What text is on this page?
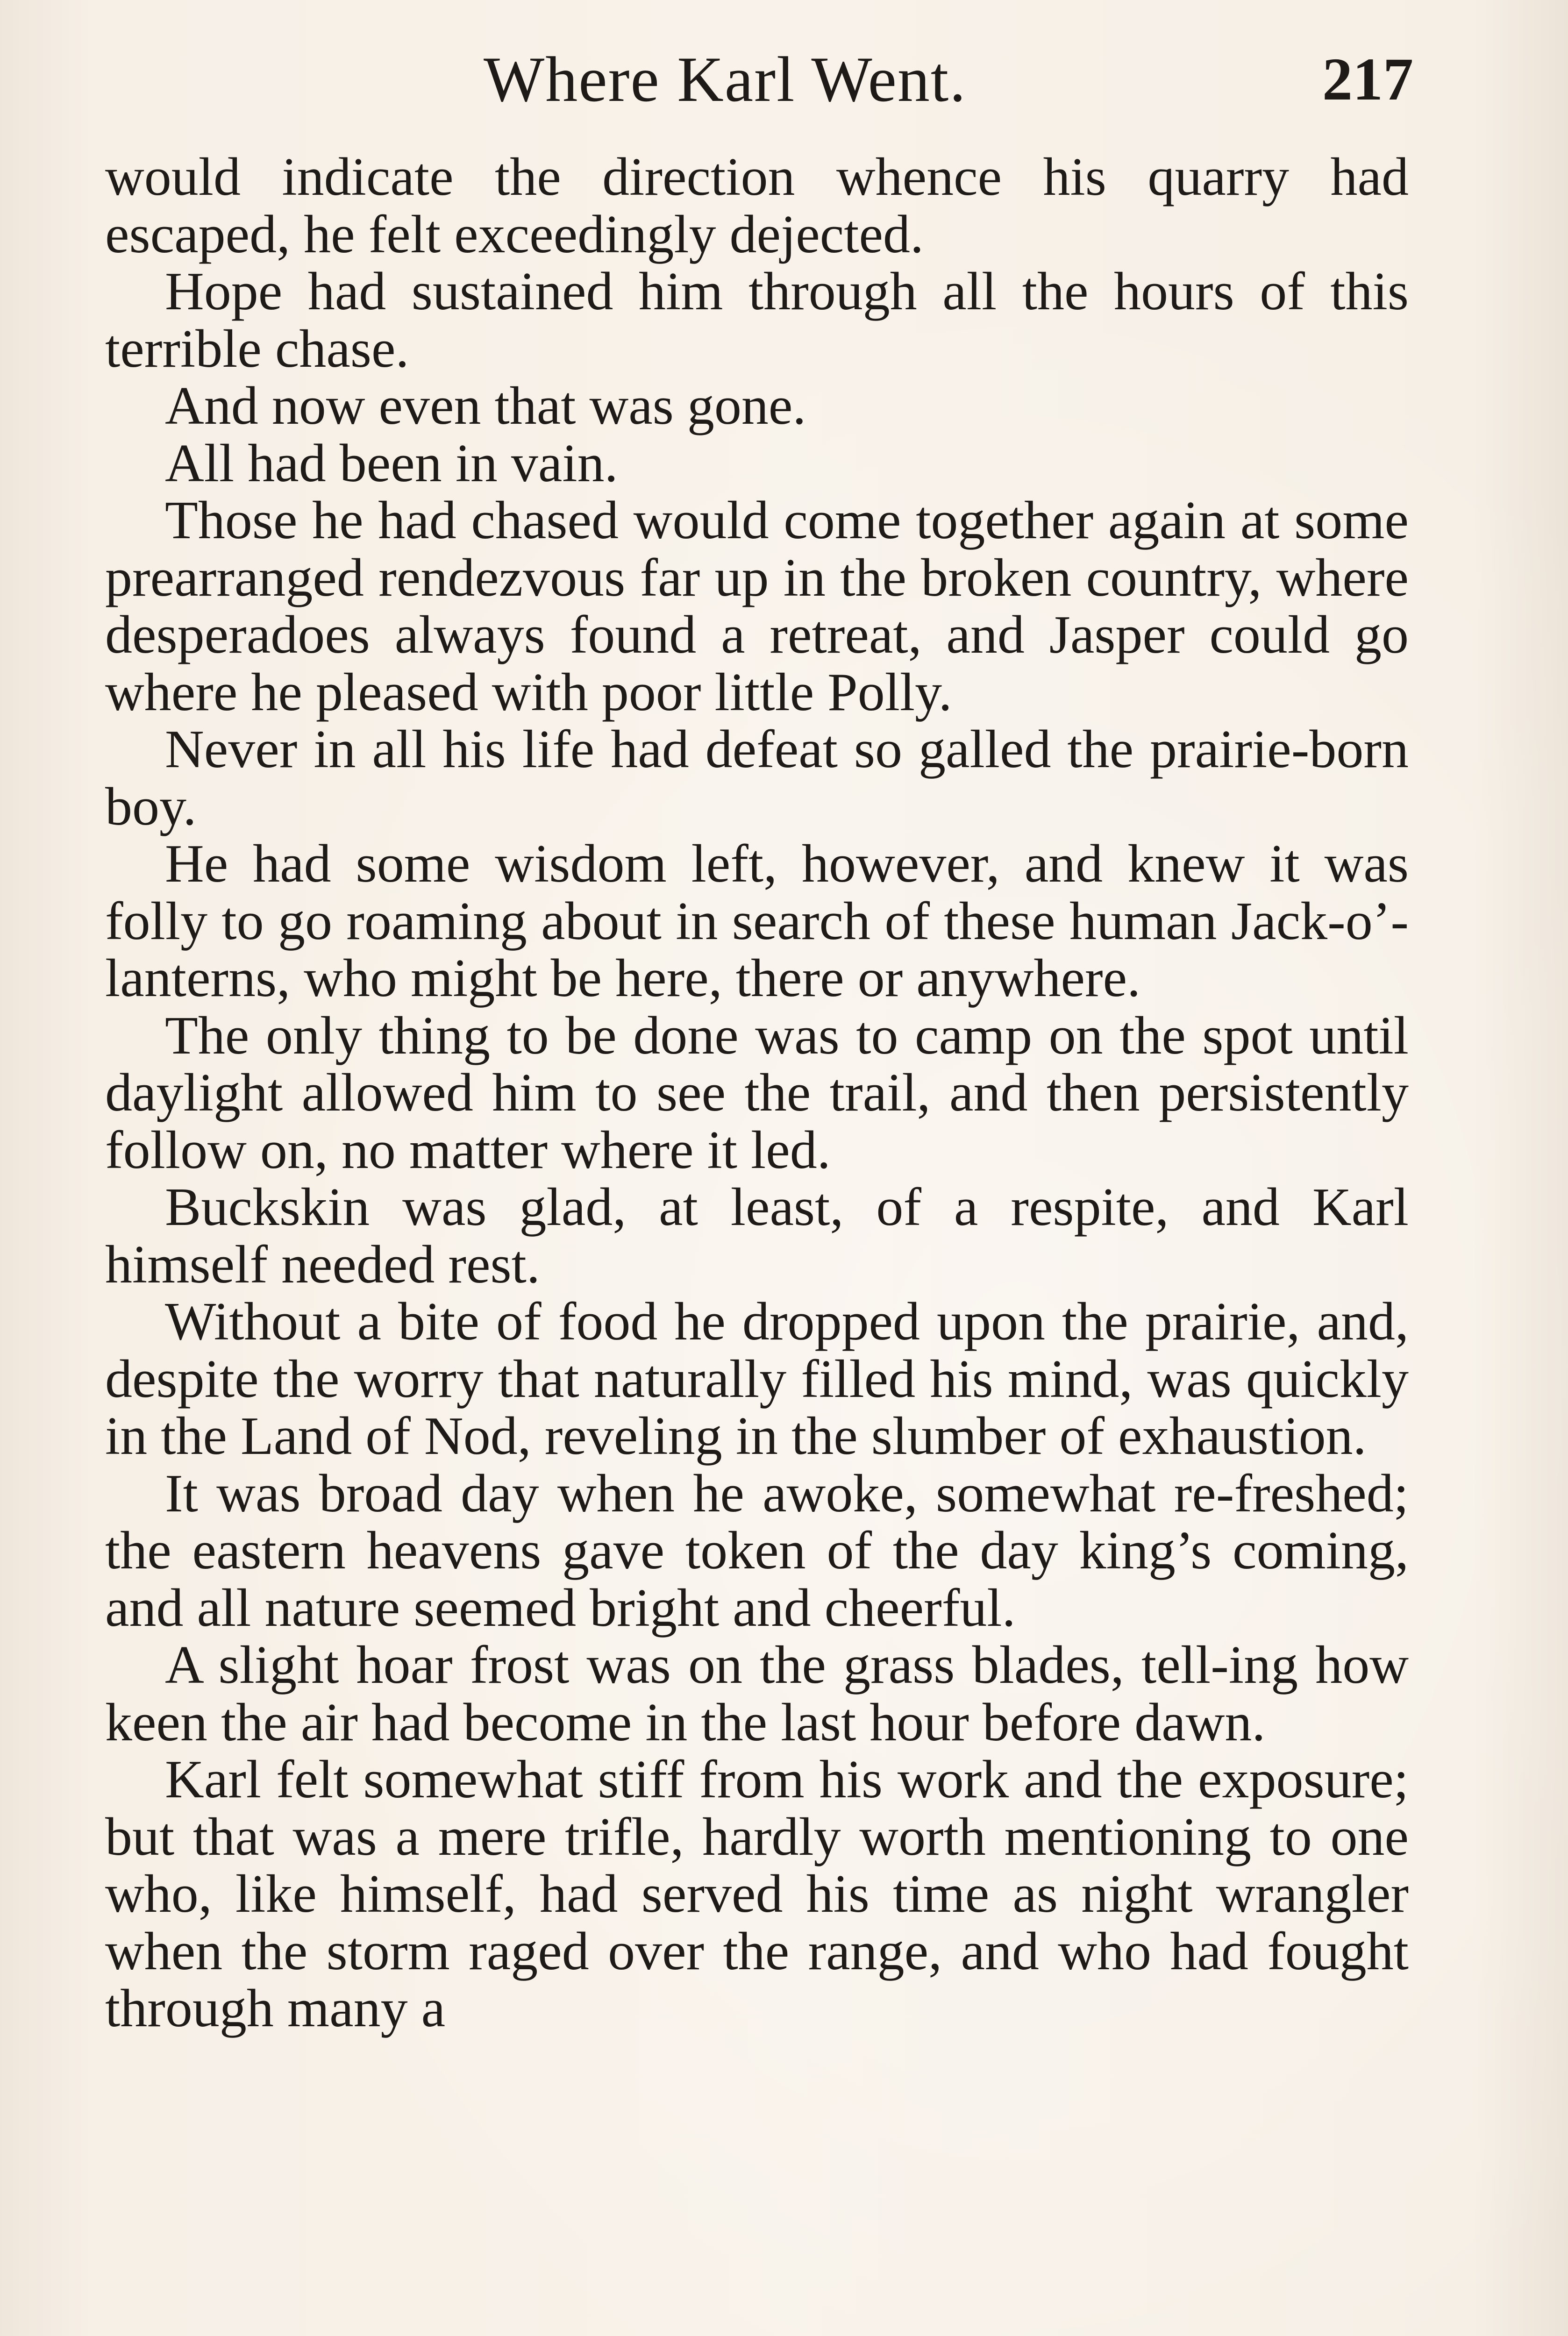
Where Karl Went.	217

would indicate the direction whence his quarry had escaped, he felt exceedingly dejected.

Hope had sustained him through all the hours of this terrible chase.

And now even that was gone.

All had been in vain.

Those he had chased would come together again at some prearranged rendezvous far up in the broken country, where desperadoes always found a retreat, and Jasper could go where he pleased with poor little Polly.

Never in all his life had defeat so galled the prairie-born boy.

He had some wisdom left, however, and knew it was folly to go roaming about in search of these human Jack-o’-lanterns, who might be here, there or anywhere.

The only thing to be done was to camp on the spot until daylight allowed him to see the trail, and then persistently follow on, no matter where it led.

Buckskin was glad, at least, of a respite, and Karl himself needed rest.

Without a bite of food he dropped upon the prairie, and, despite the worry that naturally filled his mind, was quickly in the Land of Nod, reveling in the slumber of exhaustion.

It was broad day when he awoke, somewhat re-freshed; the eastern heavens gave token of the day king’s coming, and all nature seemed bright and cheerful.

A slight hoar frost was on the grass blades, tell-ing how keen the air had become in the last hour before dawn.

Karl felt somewhat stiff from his work and the exposure; but that was a mere trifle, hardly worth mentioning to one who, like himself, had served his time as night wrangler when the storm raged over the range, and who had fought through many a
